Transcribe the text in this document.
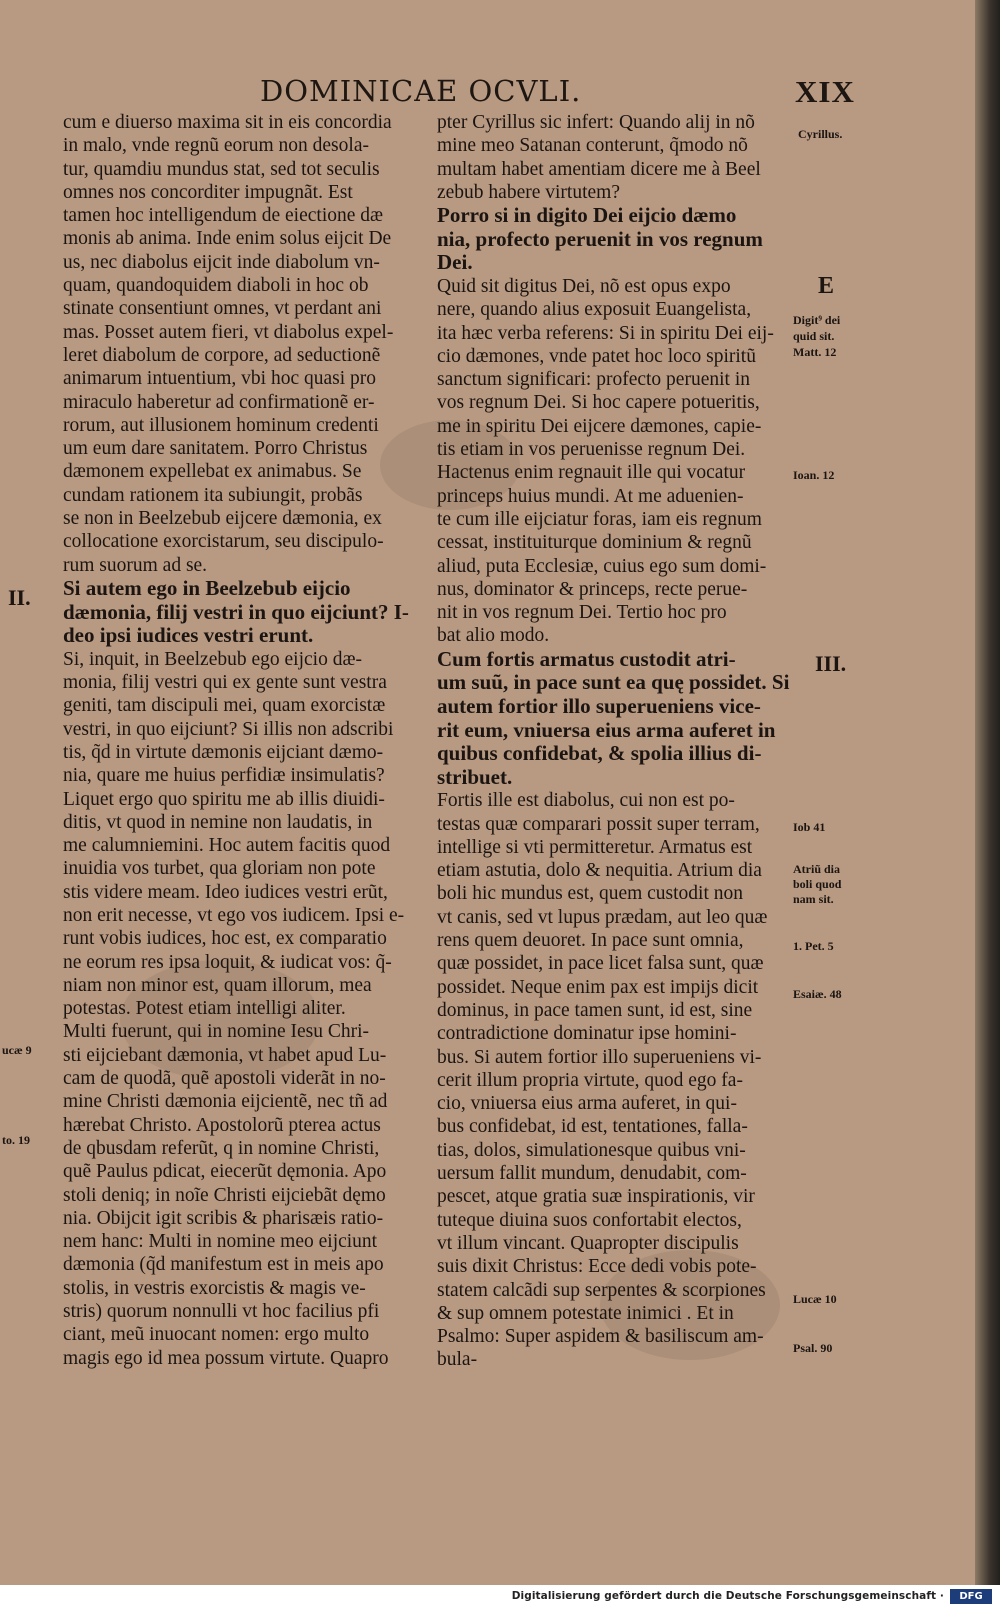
DOMINICAE OCVLI.	XIX
cum e diuerso maxima sit in eis concordia
in malo, vnde regnũ eorum non desola-
tur, quamdiu mundus stat, sed tot seculis
omnes nos concorditer impugnãt. Est
tamen hoc intelligendum de eiectione dæ
monis ab anima. Inde enim solus eijcit De
us, nec diabolus eijcit inde diabolum vn-
quam, quandoquidem diaboli in hoc ob
stinate consentiunt omnes, vt perdant ani
mas. Posset autem fieri, vt diabolus expel-
leret diabolum de corpore, ad seductionẽ
animarum intuentium, vbi hoc quasi pro
miraculo haberetur ad confirmationẽ er-
rorum, aut illusionem hominum credenti
um eum dare sanitatem. Porro Christus
dæmonem expellebat ex animabus. Se
cundam rationem ita subiungit, probãs
se non in Beelzebub eijcere dæmonia, ex
collocatione exorcistarum, seu discipulo-
rum suorum ad se.
Si autem ego in Beelzebub eijcio
dæmonia, filij vestri in quo eijciunt? I-
deo ipsi iudices vestri erunt.
Si, inquit, in Beelzebub ego eijcio dæ-
monia, filij vestri qui ex gente sunt vestra
geniti, tam discipuli mei, quam exorcistæ
vestri, in quo eijciunt? Si illis non adscribi
tis, q̃d in virtute dæmonis eijciant dæmo-
nia, quare me huius perfidiæ insimulatis?
Liquet ergo quo spiritu me ab illis diuidi-
ditis, vt quod in nemine non laudatis, in
me calumniemini. Hoc autem facitis quod
inuidia vos turbet, qua gloriam non pote
stis videre meam. Ideo iudices vestri erũt,
non erit necesse, vt ego vos iudicem. Ipsi e-
runt vobis iudices, hoc est, ex comparatio
ne eorum res ipsa loquit, & iudicat vos: q̃-
niam non minor est, quam illorum, mea
potestas. Potest etiam intelligi aliter.
Multi fuerunt, qui in nomine Iesu Chri-
sti eijciebant dæmonia, vt habet apud Lu-
cam de quodã, quẽ apostoli viderãt in no-
mine Christi dæmonia eijcientẽ, nec tñ ad
hærebat Christo. Apostolorũ pterea actus
de qbusdam referũt, q in nomine Christi,
quẽ Paulus pdicat, eiecerũt dęmonia. Apo
stoli deniq; in noĩe Christi eijciebãt dęmo
nia. Obijcit igit scribis & pharisæis ratio-
nem hanc: Multi in nomine meo eijciunt
dæmonia (q̃d manifestum est in meis apo
stolis, in vestris exorcistis & magis ve-
stris) quorum nonnulli vt hoc facilius pfi
ciant, meũ inuocant nomen: ergo multo
magis ego id mea possum virtute. Quapro
pter Cyrillus sic infert: Quando alij in nõ
mine meo Satanan conterunt, q̃modo nõ
multam habet amentiam dicere me à Beel
zebub habere virtutem?
Porro si in digito Dei eijcio dæmo
nia, profecto peruenit in vos regnum
Dei.
Quid sit digitus Dei, nõ est opus expo
nere, quando alius exposuit Euangelista,
ita hæc verba referens: Si in spiritu Dei eij-
cio dæmones, vnde patet hoc loco spiritũ
sanctum significari: profecto peruenit in
vos regnum Dei. Si hoc capere potueritis,
me in spiritu Dei eijcere dæmones, capie-
tis etiam in vos peruenisse regnum Dei.
Hactenus enim regnauit ille qui vocatur
princeps huius mundi. At me aduenien-
te cum ille eijciatur foras, iam eis regnum
cessat, instituiturque dominium & regnũ
aliud, puta Ecclesiæ, cuius ego sum domi-
nus, dominator & princeps, recte perue-
nit in vos regnum Dei. Tertio hoc pro
bat alio modo.
Cum fortis armatus custodit atri-
um suũ, in pace sunt ea quę possidet. Si
autem fortior illo superueniens vice-
rit eum, vniuersa eius arma auferet in
quibus confidebat, & spolia illius di-
stribuet.
Fortis ille est diabolus, cui non est po-
testas quæ comparari possit super terram,
intellige si vti permitteretur. Armatus est
etiam astutia, dolo & nequitia. Atrium dia
boli hic mundus est, quem custodit non
vt canis, sed vt lupus prædam, aut leo quæ
rens quem deuoret. In pace sunt omnia,
quæ possidet, in pace licet falsa sunt, quæ
possidet. Neque enim pax est impijs dicit
dominus, in pace tamen sunt, id est, sine
contradictione dominatur ipse homini-
bus. Si autem fortior illo superueniens vi-
cerit illum propria virtute, quod ego fa-
cio, vniuersa eius arma auferet, in qui-
bus confidebat, id est, tentationes, falla-
tias, dolos, simulationesque quibus vni-
uersum fallit mundum, denudabit, com-
pescet, atque gratia suæ inspirationis, vir
tuteque diuina suos confortabit electos,
vt illum vincant. Quapropter discipulis
suis dixit Christus: Ecce dedi vobis pote-
statem calcãdi sup serpentes & scorpiones
& sup omnem potestate inimici . Et in
Psalmo: Super aspidem & basiliscum am-
bula-
Cyrillus.
E
Digit⁹ dei
quid sit.
Matt. 12
Ioan. 12
II.
III.
Iob 41
Atriũ dia
boli quod
nam sit.
1. Pet. 5
Esaiæ. 48
ucæ 9
to. 19
Lucæ 10
Psal. 90
Digitalisierung gefördert durch die Deutsche Forschungsgemeinschaft ·	DFG
